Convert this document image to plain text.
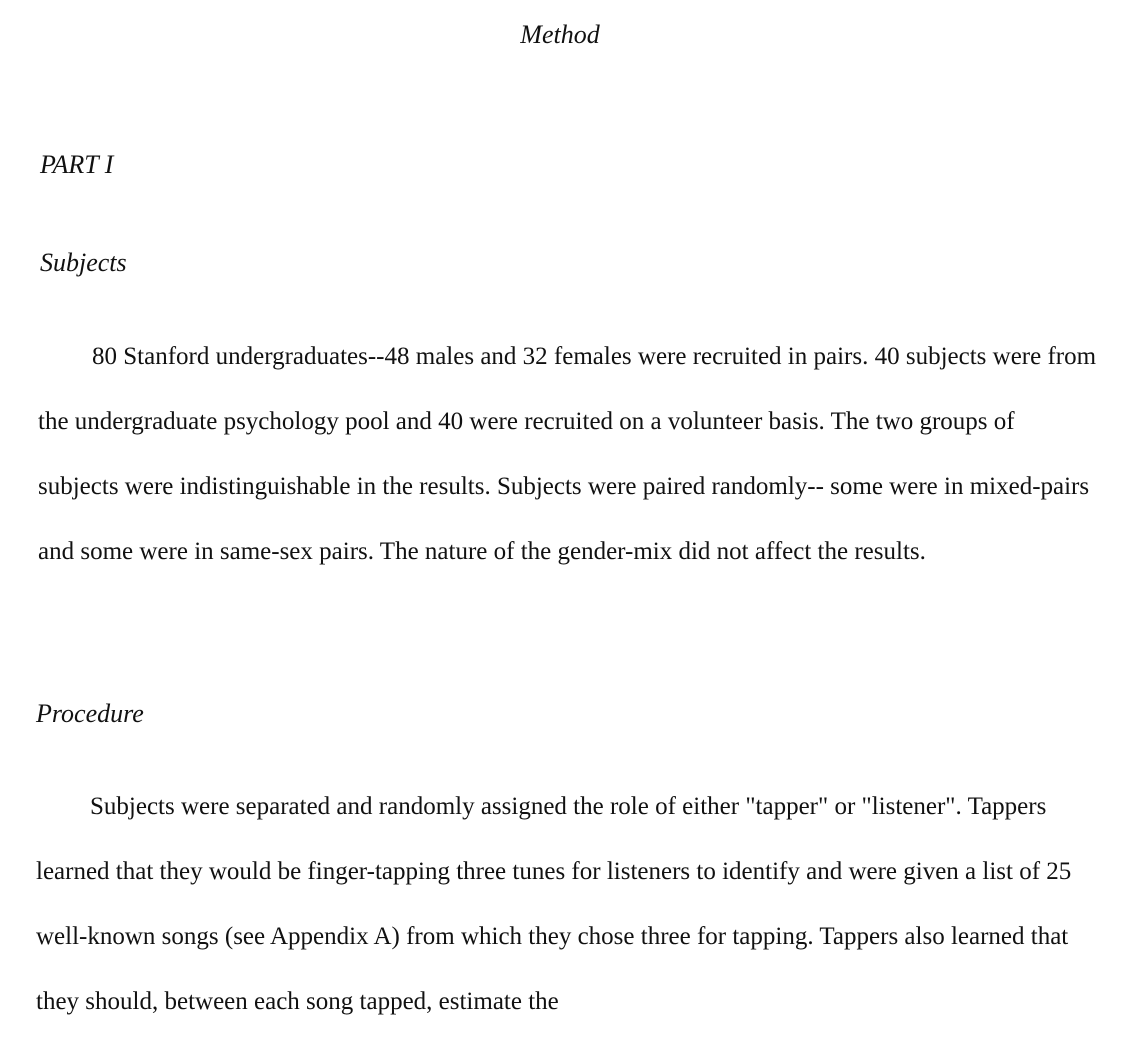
Method
PART I
Subjects

80 Stanford undergraduates--48 males and 32 females were recruited in pairs. 40 subjects were from the undergraduate psychology pool and 40 were recruited on a volunteer basis. The two groups of subjects were indistinguishable in the results. Subjects were paired randomly-- some were in mixed-pairs and some were in same-sex pairs. The nature of the gender-mix did not affect the results.

Procedure

Subjects were separated and randomly assigned the role of either "tapper" or "listener". Tappers learned that they would be finger-tapping three tunes for listeners to identify and were given a list of 25 well-known songs (see Appendix A) from which they chose three for tapping. Tappers also learned that they should, between each song tapped, estimate the
